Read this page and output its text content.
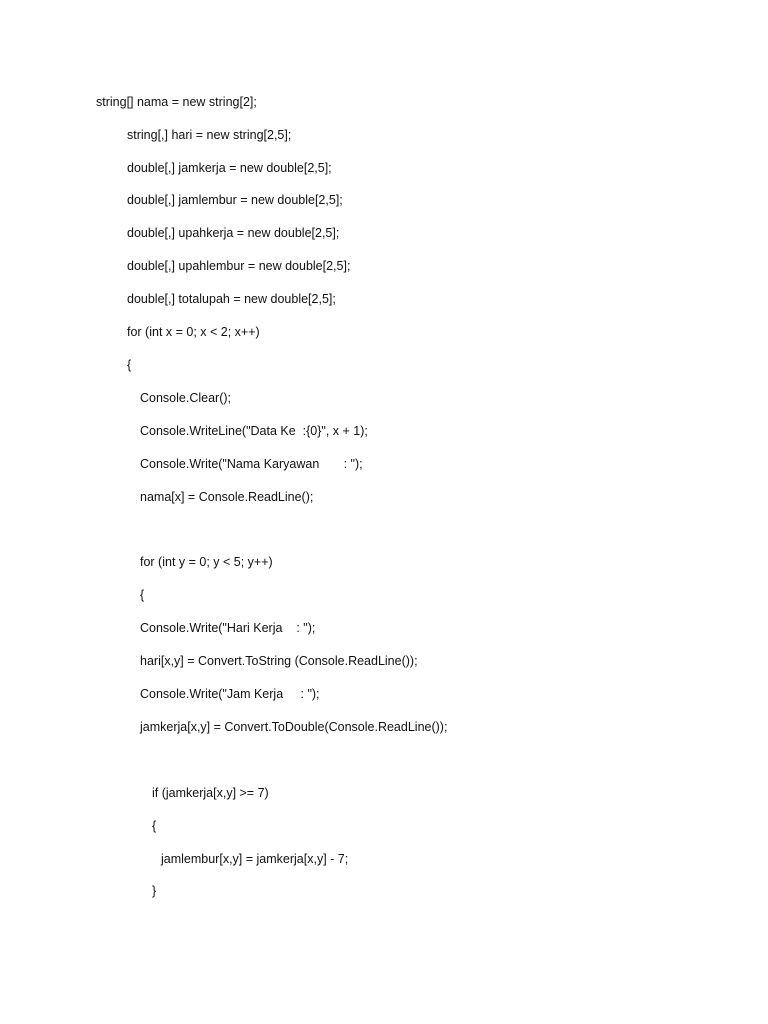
string[] nama = new string[2];
string[,] hari = new string[2,5];
double[,] jamkerja = new double[2,5];
double[,] jamlembur = new double[2,5];
double[,] upahkerja = new double[2,5];
double[,] upahlembur = new double[2,5];
double[,] totalupah = new double[2,5];
for (int x = 0; x < 2; x++)
{
Console.Clear();
Console.WriteLine("Data Ke  :{0}", x + 1);
Console.Write("Nama Karyawan       : ");
nama[x] = Console.ReadLine();
for (int y = 0; y < 5; y++)
{
Console.Write("Hari Kerja    : ");
hari[x,y] = Convert.ToString (Console.ReadLine());
Console.Write("Jam Kerja     : ");
jamkerja[x,y] = Convert.ToDouble(Console.ReadLine());
if (jamkerja[x,y] >= 7)
{
jamlembur[x,y] = jamkerja[x,y] - 7;
}
